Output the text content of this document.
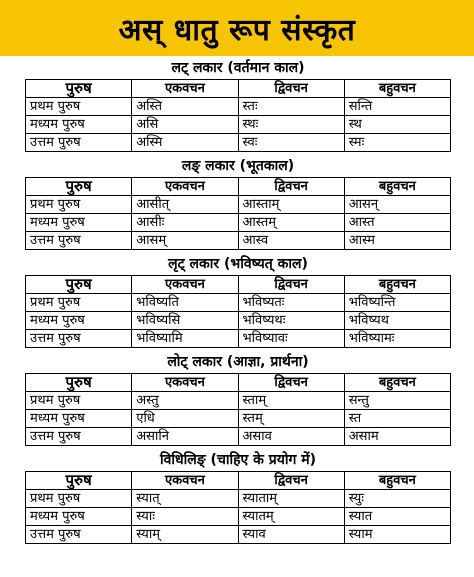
अस् धातु रूप संस्कृत
लट् लकार (वर्तमान काल)
पुरुष	एकवचन	द्विवचन	बहुवचन
प्रथम पुरुष	अस्ति	स्तः	सन्ति
मध्यम पुरुष	असि	स्थः	स्थ
उत्तम पुरुष	अस्मि	स्वः	स्मः
लङ् लकार (भूतकाल)
पुरुष	एकवचन	द्विवचन	बहुवचन
प्रथम पुरुष	आसीत्	आस्ताम्	आसन्
मध्यम पुरुष	आसीः	आस्तम्	आस्त
उत्तम पुरुष	आसम्	आस्व	आस्म
लृट् लकार (भविष्यत् काल)
पुरुष	एकवचन	द्विवचन	बहुवचन
प्रथम पुरुष	भविष्यति	भविष्यतः	भविष्यन्ति
मध्यम पुरुष	भविष्यसि	भविष्यथः	भविष्यथ
उत्तम पुरुष	भविष्यामि	भविष्यावः	भविष्यामः
लोट् लकार (आज्ञा, प्रार्थना)
पुरुष	एकवचन	द्विवचन	बहुवचन
प्रथम पुरुष	अस्तु	स्ताम्	सन्तु
मध्यम पुरुष	एधि	स्तम्	स्त
उत्तम पुरुष	असानि	असाव	असाम
विधिलिङ् (चाहिए के प्रयोग में)
पुरुष	एकवचन	द्विवचन	बहुवचन
प्रथम पुरुष	स्यात्	स्याताम्	स्युः
मध्यम पुरुष	स्याः	स्यातम्	स्यात
उत्तम पुरुष	स्याम्	स्याव	स्याम
